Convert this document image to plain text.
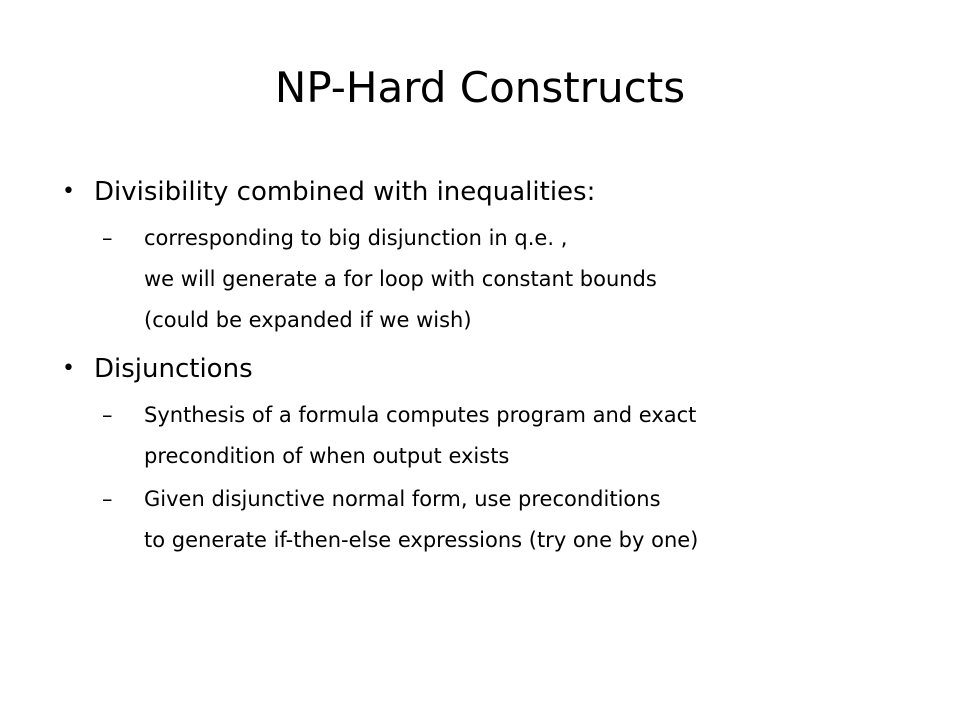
NP-Hard Constructs
• Divisibility combined with inequalities:
– corresponding to big disjunction in q.e. ,
we will generate a for loop with constant bounds
(could be expanded if we wish)
• Disjunctions
– Synthesis of a formula computes program and exact
precondition of when output exists
– Given disjunctive normal form, use preconditions
to generate if-then-else expressions (try one by one)
